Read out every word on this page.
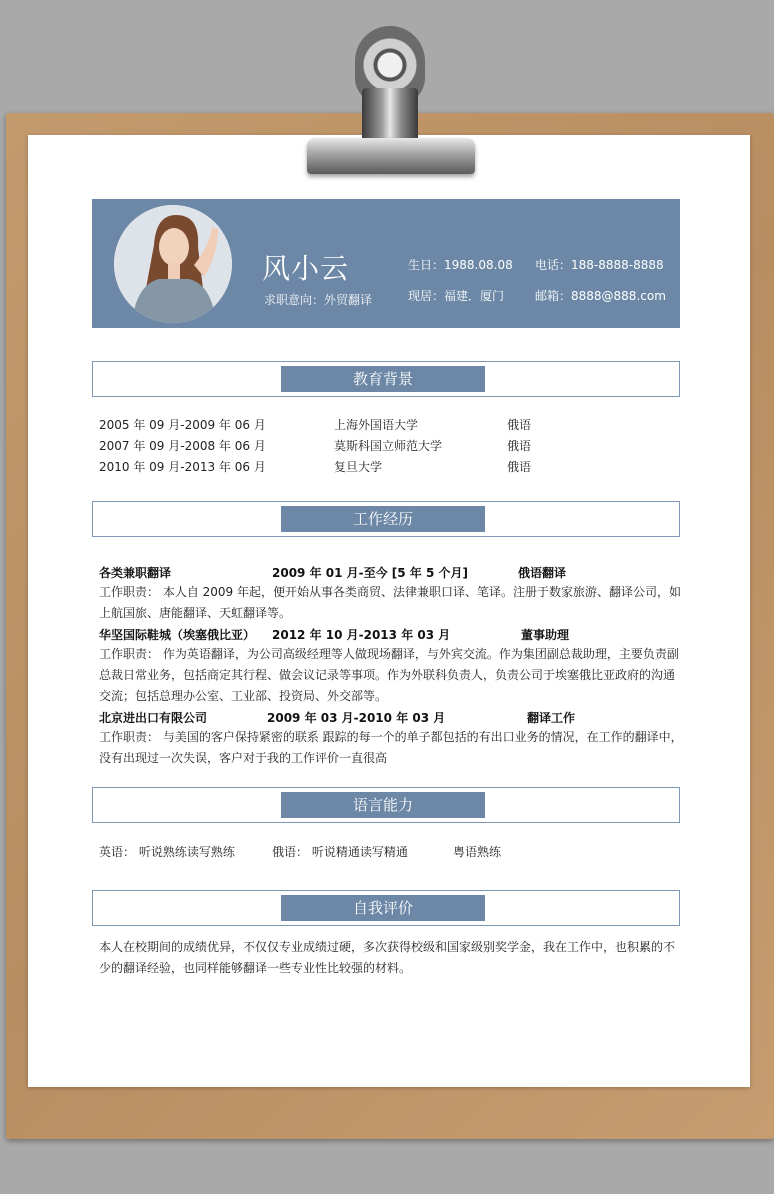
风小云
求职意向：外贸翻译
生日：1988.08.08 电话：188-8888-8888
现居：福建．厦门	邮箱：8888@888.com
教育背景
2005 年 09 月-2009 年 06 月	上海外国语大学	俄语
2007 年 09 月-2008 年 06 月	莫斯科国立师范大学	俄语
2010 年 09 月-2013 年 06 月	复旦大学	俄语
工作经历
各类兼职翻译	2009 年 01 月-至今 [5 年 5 个月]	俄语翻译
工作职责： 本人自 2009 年起，便开始从事各类商贸、法律兼职口译、笔译。注册于数家旅游、翻译公司，如上航国旅、唐能翻译、天虹翻译等。
华坚国际鞋城（埃塞俄比亚） 2012 年 10 月-2013 年 03 月	董事助理
工作职责： 作为英语翻译，为公司高级经理等人做现场翻译，与外宾交流。作为集团副总裁助理，主要负责副总裁日常业务，包括商定其行程、做会议记录等事项。作为外联科负责人，负责公司于埃塞俄比亚政府的沟通交流；包括总理办公室、工业部、投资局、外交部等。
北京进出口有限公司	2009 年 03 月-2010 年 03 月	翻译工作
工作职责： 与美国的客户保持紧密的联系 跟踪的每一个的单子都包括的有出口业务的情况，在工作的翻译中，没有出现过一次失误，客户对于我的工作评价一直很高
语言能力
英语： 听说熟练读写熟练	俄语： 听说精通读写精通	粤语熟练
自我评价
本人在校期间的成绩优异，不仅仅专业成绩过硬，多次获得校级和国家级别奖学金，我在工作中，也积累的不少的翻译经验，也同样能够翻译一些专业性比较强的材料。
